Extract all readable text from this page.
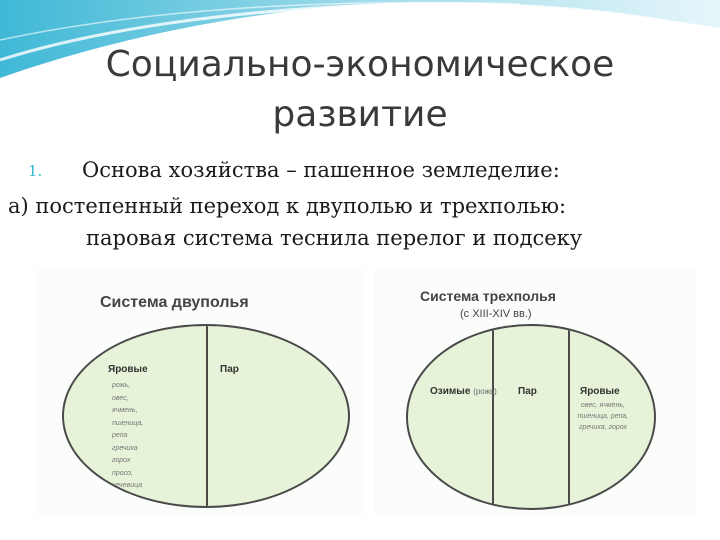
Социально-экономическое
развитие
1. Основа хозяйства – пашенное земледелие:
а) постепенный переход к двуполью и трехполью:
паровая система теснила перелог и подсеку
Система двуполья
Яровые	Пар
рожь,
овес,
ячмень,
пшеница,
репа
гречиха
горох
просо,
чечевица
бобы
Система трехполья
(с XIII-XIV вв.)
Озимые (рожь) Пар	Яровые
овес, ячмень,
пшеница, репа,
гречиха, горох
